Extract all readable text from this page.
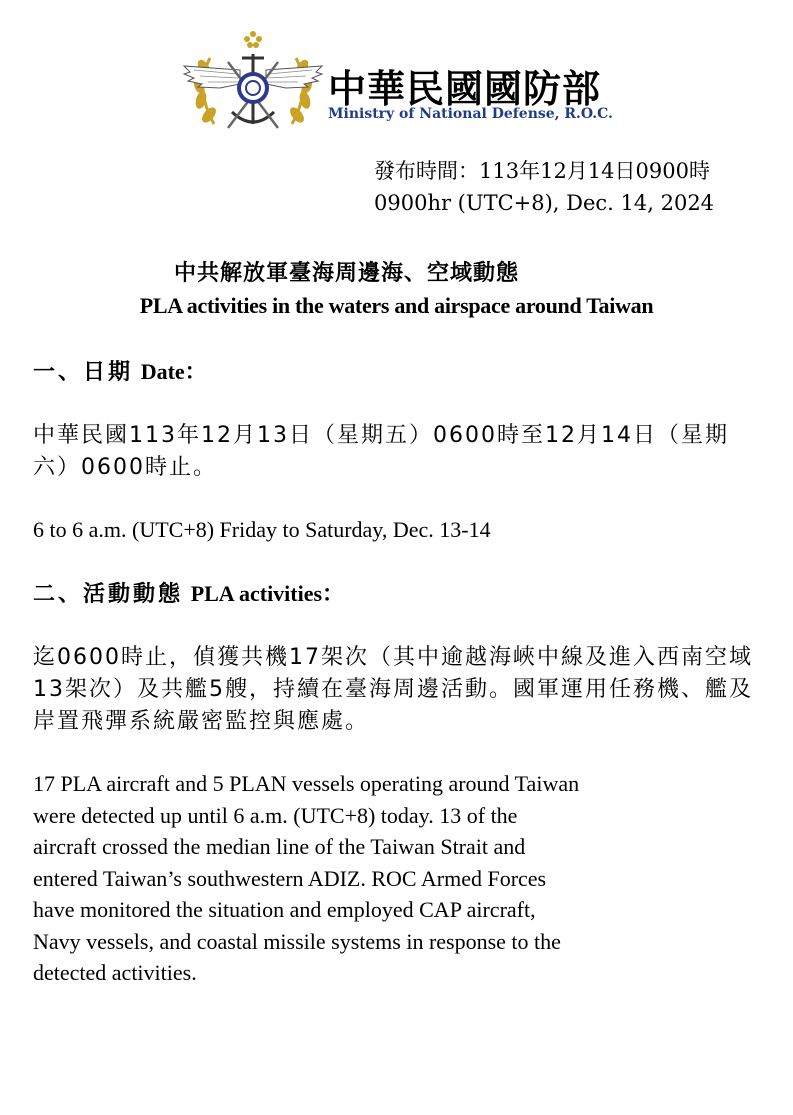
中華民國國防部
Ministry of National Defense, R.O.C.
發布時間：113年12月14日0900時
0900hr (UTC+8), Dec. 14, 2024
中共解放軍臺海周邊海、空域動態
PLA activities in the waters and airspace around Taiwan
一、日期 Date：
中華民國113年12月13日（星期五）0600時至12月14日（星期六）0600時止。
6 to 6 a.m. (UTC+8) Friday to Saturday, Dec. 13-14
二、活動動態 PLA activities：
迄0600時止，偵獲共機17架次（其中逾越海峽中線及進入西南空域13架次）及共艦5艘，持續在臺海周邊活動。國軍運用任務機、艦及岸置飛彈系統嚴密監控與應處。
17 PLA aircraft and 5 PLAN vessels operating around Taiwan
were detected up until 6 a.m. (UTC+8) today. 13 of the
aircraft crossed the median line of the Taiwan Strait and
entered Taiwan’s southwestern ADIZ. ROC Armed Forces
have monitored the situation and employed CAP aircraft,
Navy vessels, and coastal missile systems in response to the
detected activities.
